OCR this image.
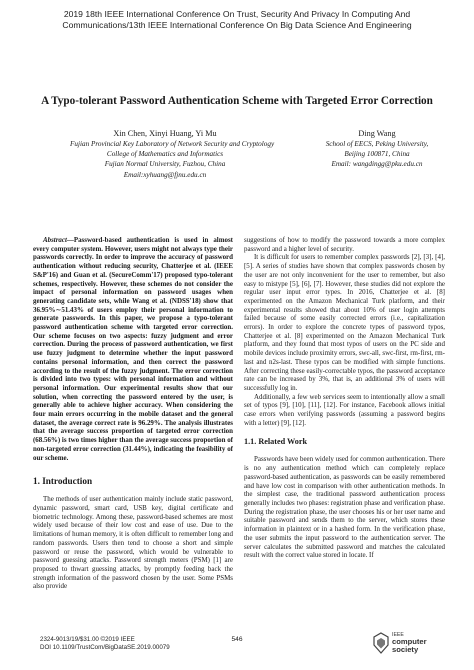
2019 18th IEEE International Conference On Trust, Security And Privacy In Computing And
Communications/13th IEEE International Conference On Big Data Science And Engineering
A Typo-tolerant Password Authentication Scheme with Targeted Error Correction
Xin Chen, Xinyi Huang, Yi Mu
Fujian Provincial Key Laboratory of Network Security and Cryptology
College of Mathematics and Informatics
Fujian Normal University, Fuzhou, China
Email:xyhuang@fjnu.edu.cn
Ding Wang
School of EECS, Peking University,
Beijing 100871, China
Email: wangdingg@pku.edu.cn

Abstract—Password-based authentication is used in almost every computer system. However, users might not always type their passwords correctly. In order to improve the accuracy of password authentication without reducing security, Chatterjee et al. (IEEE S&P'16) and Guan et al. (SecureComm'17) proposed typo-tolerant schemes, respectively. However, these schemes do not consider the impact of personal information on password usages when generating candidate sets, while Wang et al. (NDSS'18) show that 36.95%∼51.43% of users employ their personal information to generate passwords. In this paper, we propose a typo-tolerant password authentication scheme with targeted error correction. Our scheme focuses on two aspects: fuzzy judgment and error correction. During the process of password authentication, we first use fuzzy judgment to determine whether the input password contains personal information, and then correct the password according to the result of the fuzzy judgment. The error correction is divided into two types: with personal information and without personal information. Our experimental results show that our solution, when correcting the password entered by the user, is generally able to achieve higher accuracy. When considering the four main errors occurring in the mobile dataset and the general dataset, the average correct rate is 96.29%. The analysis illustrates that the average success proportion of targeted error correction (68.56%) is two times higher than the average success proportion of non-targeted error correction (31.44%), indicating the feasibility of our scheme.

1. Introduction

The methods of user authentication mainly include static password, dynamic password, smart card, USB key, digital certificate and biometric technology. Among these, password-based schemes are most widely used because of their low cost and ease of use. Due to the limitations of human memory, it is often difficult to remember long and random passwords. Users then tend to choose a short and simple password or reuse the password, which would be vulnerable to password guessing attacks. Password strength meters (PSM) [1] are proposed to thwart guessing attacks, by promptly feeding back the strength information of the password chosen by the user. Some PSMs also provide

suggestions of how to modify the password towards a more complex password and a higher level of security.

It is difficult for users to remember complex passwords [2], [3], [4], [5]. A series of studies have shown that complex passwords chosen by the user are not only inconvenient for the user to remember, but also easy to mistype [5], [6], [7]. However, these studies did not explore the regular user input error types. In 2016, Chatterjee et al. [8] experimented on the Amazon Mechanical Turk platform, and their experimental results showed that about 10% of user login attempts failed because of some easily corrected errors (i.e., capitalization errors). In order to explore the concrete types of password typos, Chatterjee et al. [8] experimented on the Amazon Mechanical Turk platform, and they found that most typos of users on the PC side and mobile devices include proximity errors, swc-all, swc-first, rm-first, rm-last and n2s-last. These typos can be modified with simple functions. After correcting these easily-correctable typos, the password acceptance rate can be increased by 3%, that is, an additional 3% of users will successfully log in.

Additionally, a few web services seem to intentionally allow a small set of typos [9], [10], [11], [12]. For instance, Facebook allows initial case errors when verifying passwords (assuming a password begins with a letter) [9], [12].

1.1. Related Work

Passwords have been widely used for common authentication. There is no any authentication method which can completely replace password-based authentication, as passwords can be easily remembered and have low cost in comparison with other authentication methods. In the simplest case, the traditional password authentication process generally includes two phases: registration phase and verification phase. During the registration phase, the user chooses his or her user name and suitable password and sends them to the server, which stores these information in plaintext or in a hashed form. In the verification phase, the user submits the input password to the authentication server. The server calculates the submitted password and matches the calculated result with the correct value stored in locate. If

2324-9013/19/$31.00 ©2019 IEEE
DOI 10.1109/TrustCom/BigDataSE.2019.00079
546
IEEE
computer
society
